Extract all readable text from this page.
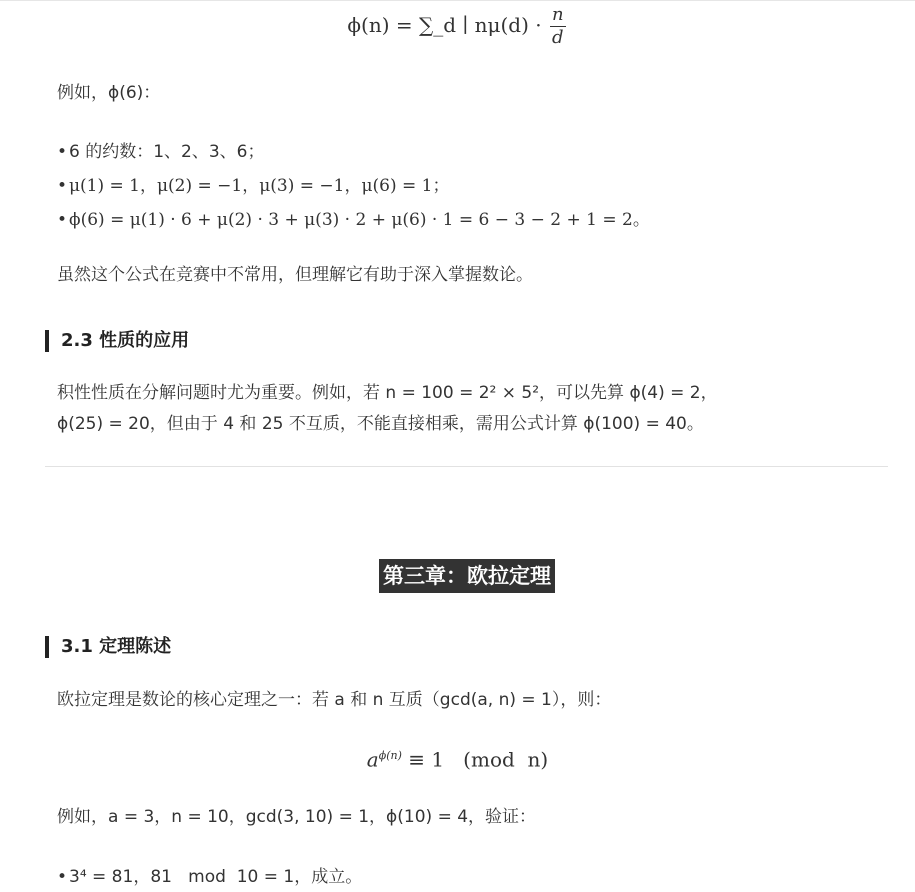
ϕ(n) = ∑_d ∣ $n\mu(d) \cdot \frac{n}{d}$
例如，ϕ(6)：
• 6 的约数：1、2、3、6；
• μ(1) = 1，μ(2) = −1，μ(3) = −1，μ(6) = 1；
• ϕ(6) = μ(1) · 6 + μ(2) · 3 + μ(3) · 2 + μ(6) · 1 = 6 − 3 − 2 + 1 = 2。
虽然这个公式在竞赛中不常用，但理解它有助于深入掌握数论。
2.3 性质的应用
积性性质在分解问题时尤为重要。例如，若 n = 100 = 2² × 5²，可以先算 ϕ(4) = 2，
ϕ(25) = 20，但由于 4 和 25 不互质，不能直接相乘，需用公式计算 ϕ(100) = 40。
第三章：欧拉定理
3.1 定理陈述
欧拉定理是数论的核心定理之一：若 a 和 n 互质（gcd(a, n) = 1），则：
$a^{\phi(n)} \equiv 1$   (mod  n)
例如，a = 3，n = 10，gcd(3, 10) = 1，ϕ(10) = 4，验证：
• 3⁴ = 81，81   mod  10 = 1，成立。
